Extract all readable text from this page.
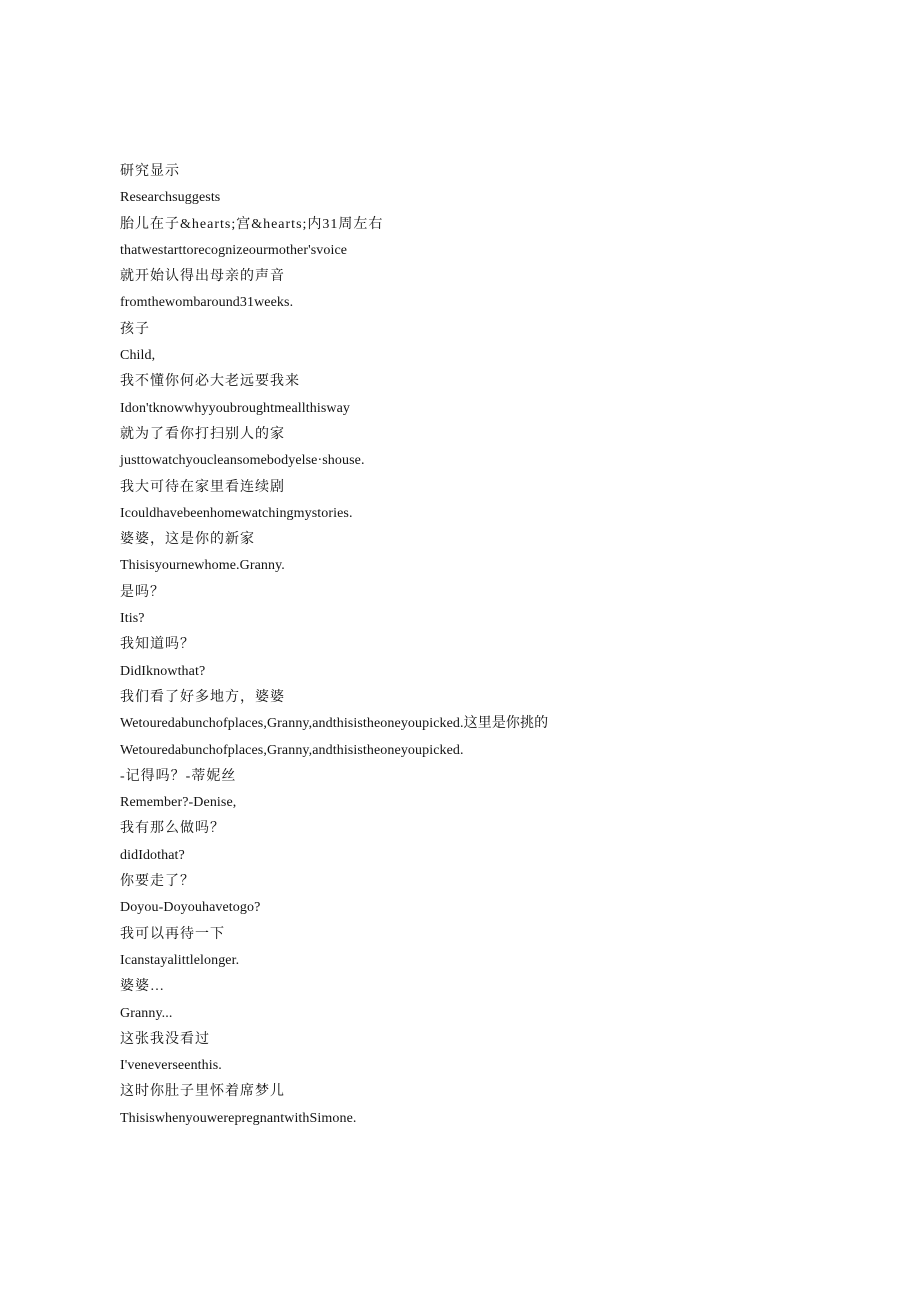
研究显示
Researchsuggests
胎儿在子&hearts;宫&hearts;内31周左右
thatwestarttorecognizeourmother'svoice
就开始认得出母亲的声音
fromthewombaround31weeks.
孩子
Child,
我不懂你何必大老远要我来
Idon'tknowwhyyoubroughtmeallthisway
就为了看你打扫别人的家
justtowatchyoucleansomebodyelse·shouse.
我大可待在家里看连续剧
Icouldhavebeenhomewatchingmystories.
婆婆，这是你的新家
Thisisyournewhome.Granny.
是吗？
Itis?
我知道吗？
DidIknowthat?
我们看了好多地方，婆婆
Wetouredabunchofplaces,Granny,andthisistheoneyoupicked.这里是你挑的
Wetouredabunchofplaces,Granny,andthisistheoneyoupicked.
-记得吗？-蒂妮丝
Remember?-Denise,
我有那么做吗？
didIdothat?
你要走了？
Doyou-Doyouhavetogo?
我可以再待一下
Icanstayalittlelonger.
婆婆…
Granny...
这张我没看过
I'veneverseenthis.
这时你肚子里怀着席梦儿
ThisiswhenyouwerepregnantwithSimone.
